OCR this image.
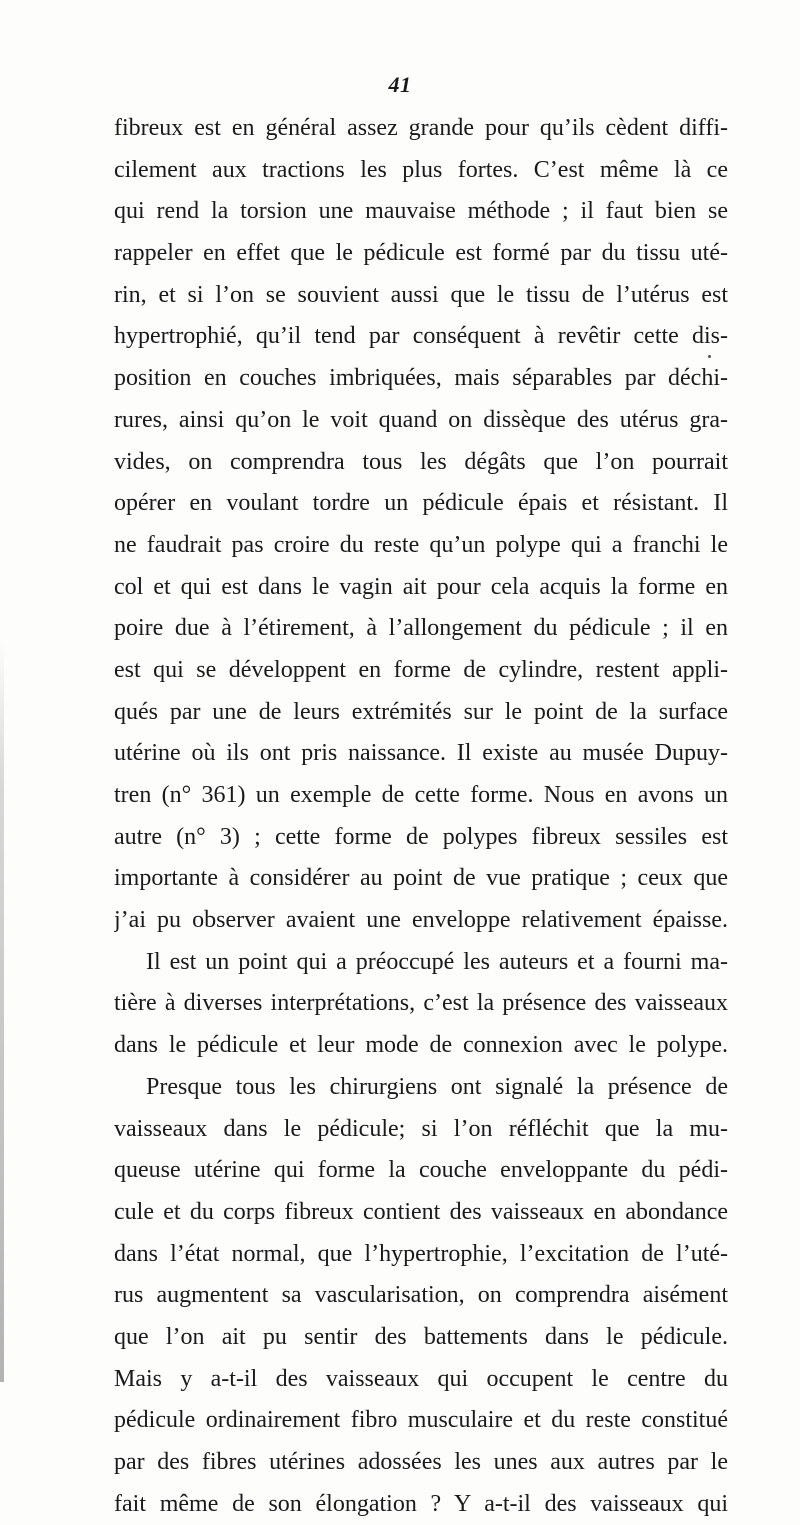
41
fibreux est en général assez grande pour qu’ils cèdent diffi-
cilement aux tractions les plus fortes. C’est même là ce
qui rend la torsion une mauvaise méthode ; il faut bien se
rappeler en effet que le pédicule est formé par du tissu uté-
rin, et si l’on se souvient aussi que le tissu de l’utérus est
hypertrophié, qu’il tend par conséquent à revêtir cette dis-
position en couches imbriquées, mais séparables par déchi-
rures, ainsi qu’on le voit quand on dissèque des utérus gra-
vides, on comprendra tous les dégâts que l’on pourrait
opérer en voulant tordre un pédicule épais et résistant. Il
ne faudrait pas croire du reste qu’un polype qui a franchi le
col et qui est dans le vagin ait pour cela acquis la forme en
poire due à l’étirement, à l’allongement du pédicule ; il en
est qui se développent en forme de cylindre, restent appli-
qués par une de leurs extrémités sur le point de la surface
utérine où ils ont pris naissance. Il existe au musée Dupuy-
tren (n° 361) un exemple de cette forme. Nous en avons un
autre (n° 3) ; cette forme de polypes fibreux sessiles est
importante à considérer au point de vue pratique ; ceux que
j’ai pu observer avaient une enveloppe relativement épaisse.
Il est un point qui a préoccupé les auteurs et a fourni ma-
tière à diverses interprétations, c’est la présence des vaisseaux
dans le pédicule et leur mode de connexion avec le polype.
Presque tous les chirurgiens ont signalé la présence de
vaisseaux dans le pédicule; si l’on réfléchit que la mu-
queuse utérine qui forme la couche enveloppante du pédi-
cule et du corps fibreux contient des vaisseaux en abondance
dans l’état normal, que l’hypertrophie, l’excitation de l’uté-
rus augmentent sa vascularisation, on comprendra aisément
que l’on ait pu sentir des battements dans le pédicule.
Mais y a-t-il des vaisseaux qui occupent le centre du
pédicule ordinairement fibro musculaire et du reste constitué
par des fibres utérines adossées les unes aux autres par le
fait même de son élongation ? Y a-t-il des vaisseaux qui
